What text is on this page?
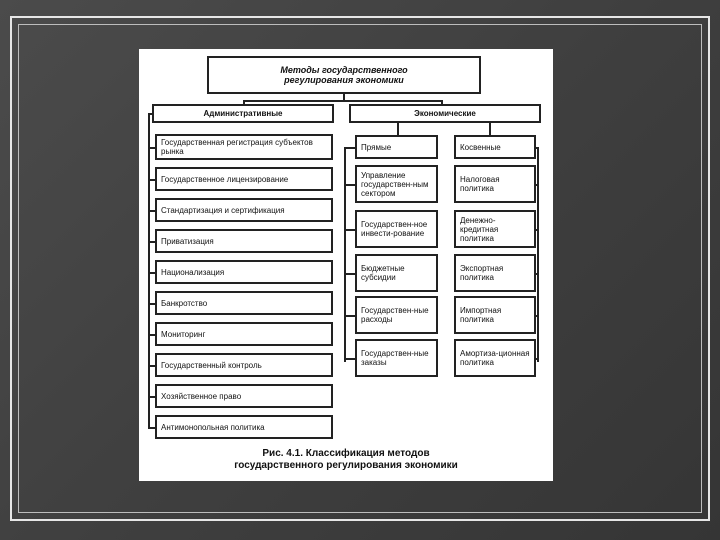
Методы государственного
регулирования экономики
Административные	Экономические
Прямые	Косвенные
Рис. 4.1. Классификация методов
государственного регулирования экономики
Государственная регистрация субъектов рынка
Государственное лицензирование
Стандартизация и сертификация
Приватизация
Национализация
Банкротство
Мониторинг
Государственный контроль
Хозяйственное право
Антимонопольная политика
Управление государствен-ным сектором
Налоговая политика
Государствен-ное инвести-рование
Денежно-кредитная политика
Бюджетные субсидии
Экспортная политика
Государствен-ные расходы
Импортная политика
Государствен-ные заказы
Амортиза-ционная политика
